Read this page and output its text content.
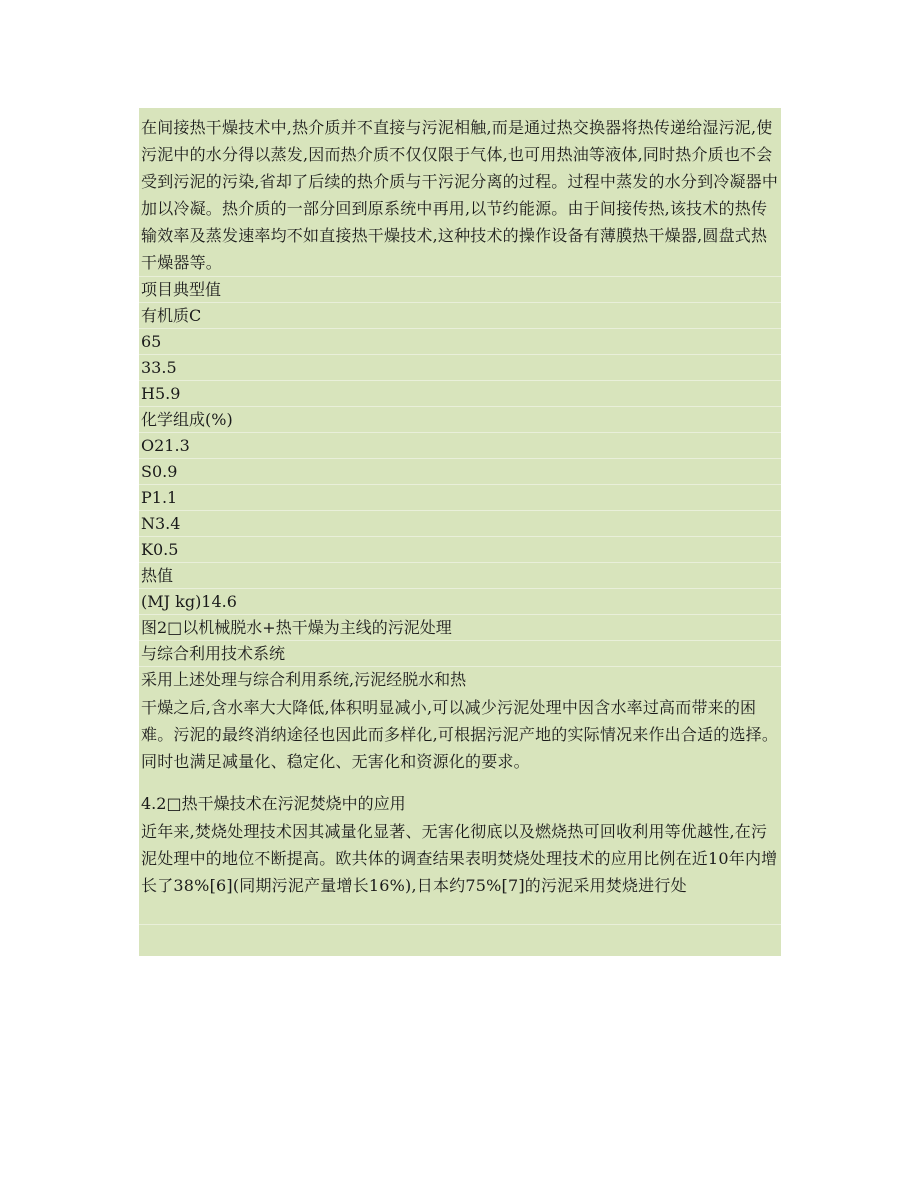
在间接热干燥技术中,热介质并不直接与污泥相触,而是通过热交换器将热传递给湿污泥,使污泥中的水分得以蒸发,因而热介质不仅仅限于气体,也可用热油等液体,同时热介质也不会受到污泥的污染,省却了后续的热介质与干污泥分离的过程。过程中蒸发的水分到冷凝器中加以冷凝。热介质的一部分回到原系统中再用,以节约能源。由于间接传热,该技术的热传输效率及蒸发速率均不如直接热干燥技术,这种技术的操作设备有薄膜热干燥器,圆盘式热干燥器等。

项目典型值
有机质C
65
33.5
H5.9
化学组成(%)
O21.3
S0.9
P1.1
N3.4
K0.5
热值
(MJ kg)14.6
图2□以机械脱水+热干燥为主线的污泥处理
与综合利用技术系统
采用上述处理与综合利用系统,污泥经脱水和热

干燥之后,含水率大大降低,体积明显减小,可以减少污泥处理中因含水率过高而带来的困难。污泥的最终消纳途径也因此而多样化,可根据污泥产地的实际情况来作出合适的选择。同时也满足减量化、稳定化、无害化和资源化的要求。

4.2□热干燥技术在污泥焚烧中的应用

近年来,焚烧处理技术因其减量化显著、无害化彻底以及燃烧热可回收利用等优越性,在污泥处理中的地位不断提高。欧共体的调查结果表明焚烧处理技术的应用比例在近10年内增长了38%[6](同期污泥产量增长16%),日本约75%[7]的污泥采用焚烧进行处
